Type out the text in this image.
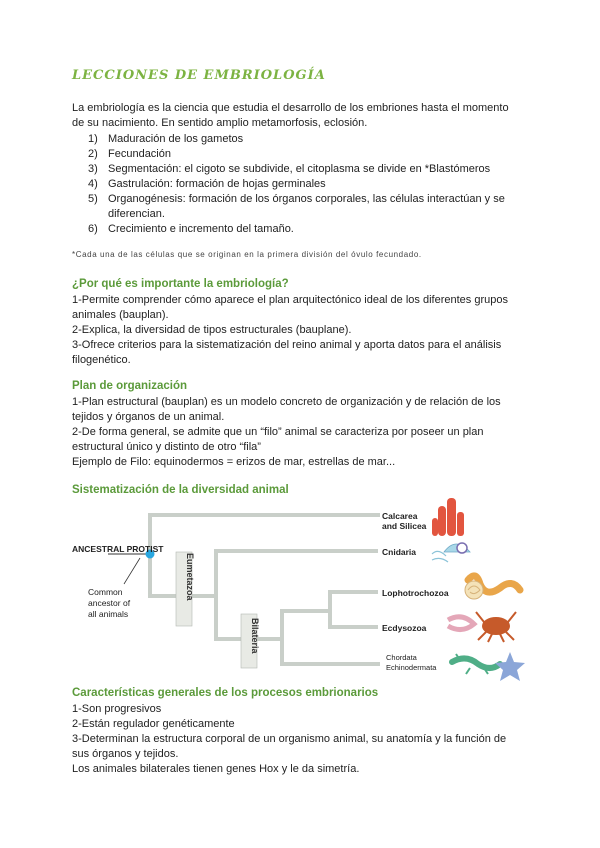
LECCIONES DE EMBRIOLOGÍA
La embriología es la ciencia que estudia el desarrollo de los embriones hasta el momento
de su nacimiento. En sentido amplio metamorfosis, eclosión.
1) Maduración de los gametos
2) Fecundación
3) Segmentación: el cigoto se subdivide, el citoplasma se divide en *Blastómeros
4) Gastrulación: formación de hojas germinales
5) Organogénesis: formación de los órganos corporales, las células interactúan y se diferencian.
6) Crecimiento e incremento del tamaño.
*Cada una de las células que se originan en la primera división del óvulo fecundado.
¿Por qué es importante la embriología?
1-Permite comprender cómo aparece el plan arquitectónico ideal de los diferentes grupos
animales (bauplan).
2-Explica, la diversidad de tipos estructurales (bauplane).
3-Ofrece criterios para la sistematización del reino animal y aporta datos para el análisis
filogenético.
Plan de organización
1-Plan estructural (bauplan) es un modelo concreto de organización y de relación de los
tejidos y órganos de un animal.
2-De forma general, se admite que un “filo” animal se caracteriza por poseer un plan
estructural único y distinto de otro “fila”
Ejemplo de Filo: equinodermos = erizos de mar, estrellas de mar...
Sistematización de la diversidad animal
Eumetazoa
Bilateria
ANCESTRAL PROTIST
Common ancestor of all animals
Calcarea and Silicea
Cnidaria
Lophotrochozoa
Ecdysozoa
Chordata Echinodermata
Características generales de los procesos embrionarios
1-Son progresivos
2-Están regulador genéticamente
3-Determinan la estructura corporal de un organismo animal, su anatomía y la función de
sus órganos y tejidos.
Los animales bilaterales tienen genes Hox y le da simetría.
